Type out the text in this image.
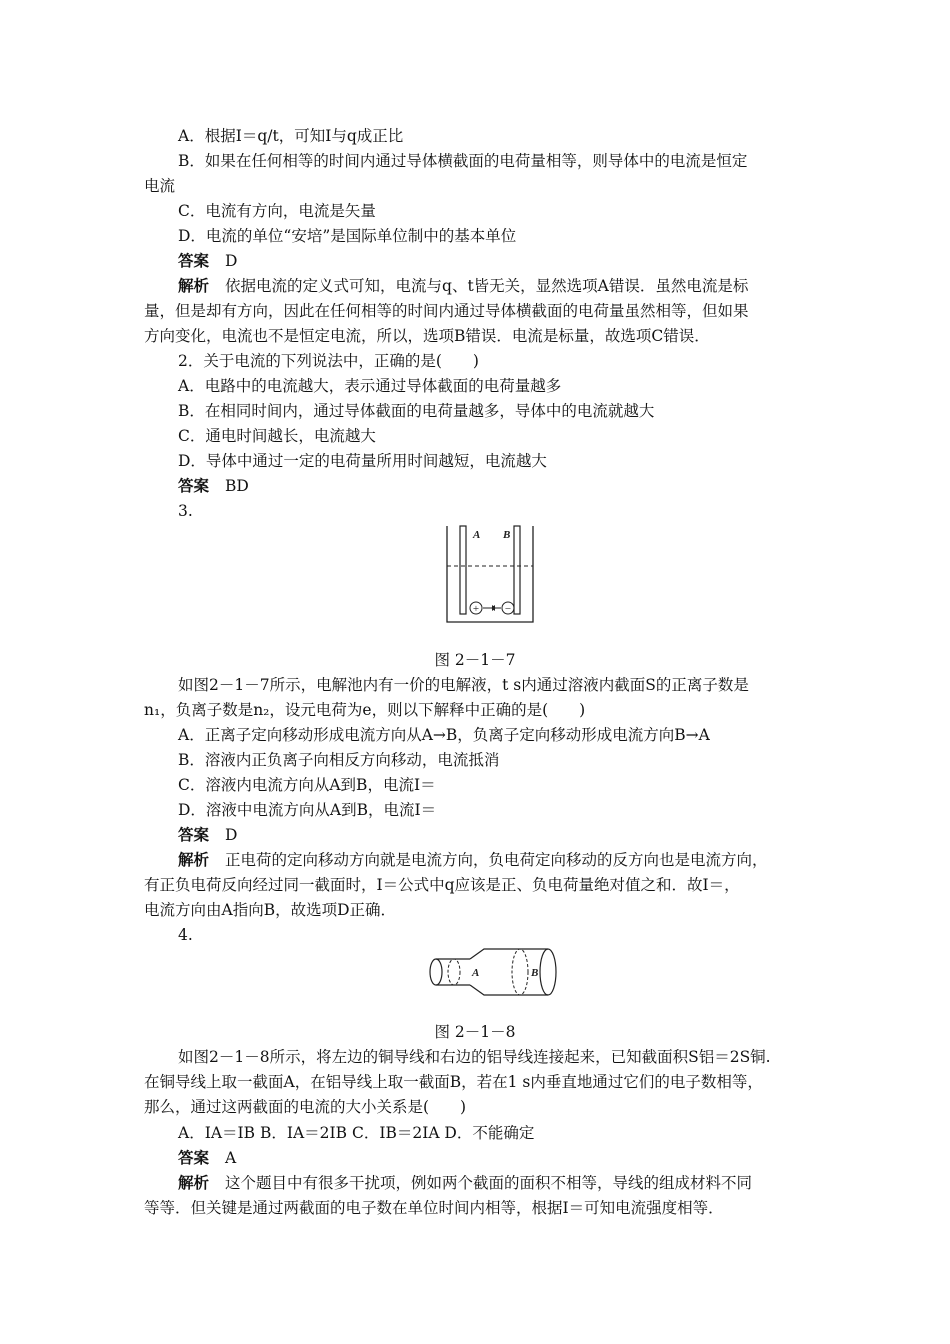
A．根据I＝q/t，可知I与q成正比
B．如果在任何相等的时间内通过导体横截面的电荷量相等，则导体中的电流是恒定
电流
C．电流有方向，电流是矢量
D．电流的单位“安培”是国际单位制中的基本单位
答案 D
解析 依据电流的定义式可知，电流与q、t皆无关，显然选项A错误．虽然电流是标
量，但是却有方向，因此在任何相等的时间内通过导体横截面的电荷量虽然相等，但如果
方向变化，电流也不是恒定电流，所以，选项B错误．电流是标量，故选项C错误．
2．关于电流的下列说法中，正确的是(　　)
A．电路中的电流越大，表示通过导体截面的电荷量越多
B．在相同时间内，通过导体截面的电荷量越多，导体中的电流就越大
C．通电时间越长，电流越大
D．导体中通过一定的电荷量所用时间越短，电流越大
答案 BD
3.
A B
+ −
图 2－1－7
如图2－1－7所示，电解池内有一价的电解液，t s内通过溶液内截面S的正离子数是
n₁，负离子数是n₂，设元电荷为e，则以下解释中正确的是(　　)
A．正离子定向移动形成电流方向从A→B，负离子定向移动形成电流方向B→A
B．溶液内正负离子向相反方向移动，电流抵消
C．溶液内电流方向从A到B，电流I＝
D．溶液中电流方向从A到B，电流I＝
答案 D
解析 正电荷的定向移动方向就是电流方向，负电荷定向移动的反方向也是电流方向，
有正负电荷反向经过同一截面时，I＝公式中q应该是正、负电荷量绝对值之和．故I＝，
电流方向由A指向B，故选项D正确．
4.
A	B
图 2－1－8
如图2－1－8所示，将左边的铜导线和右边的铝导线连接起来，已知截面积S铝＝2S铜.
在铜导线上取一截面A，在铝导线上取一截面B，若在1 s内垂直地通过它们的电子数相等，
那么，通过这两截面的电流的大小关系是(　　)
A．IA＝IB B．IA＝2IB C．IB＝2IA D．不能确定
答案 A
解析 这个题目中有很多干扰项，例如两个截面的面积不相等，导线的组成材料不同
等等．但关键是通过两截面的电子数在单位时间内相等，根据I＝可知电流强度相等．
